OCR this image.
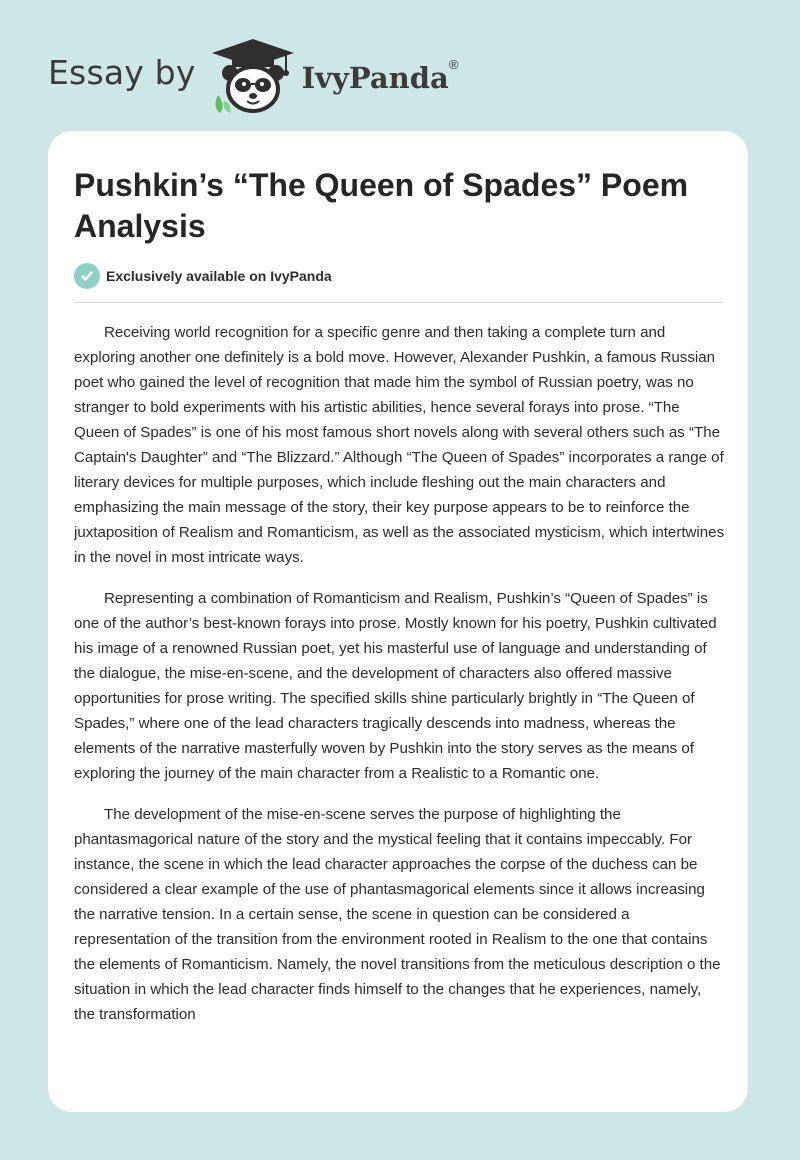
Essay by	IvyPanda®
Pushkin’s “The Queen of Spades” Poem Analysis
Exclusively available on IvyPanda

Receiving world recognition for a specific genre and then taking a complete turn and exploring another one definitely is a bold move. However, Alexander Pushkin, a famous Russian poet who gained the level of recognition that made him the symbol of Russian poetry, was no stranger to bold experiments with his artistic abilities, hence several forays into prose. “The Queen of Spades” is one of his most famous short novels along with several others such as “The Captain's Daughter” and “The Blizzard.” Although “The Queen of Spades” incorporates a range of literary devices for multiple purposes, which include fleshing out the main characters and emphasizing the main message of the story, their key purpose appears to be to reinforce the juxtaposition of Realism and Romanticism, as well as the associated mysticism, which intertwines in the novel in most intricate ways.

Representing a combination of Romanticism and Realism, Pushkin’s “Queen of Spades” is one of the author’s best-known forays into prose. Mostly known for his poetry, Pushkin cultivated his image of a renowned Russian poet, yet his masterful use of language and understanding of the dialogue, the mise-en-scene, and the development of characters also offered massive opportunities for prose writing. The specified skills shine particularly brightly in “The Queen of Spades,” where one of the lead characters tragically descends into madness, whereas the elements of the narrative masterfully woven by Pushkin into the story serves as the means of exploring the journey of the main character from a Realistic to a Romantic one.

The development of the mise-en-scene serves the purpose of highlighting the phantasmagorical nature of the story and the mystical feeling that it contains impeccably. For instance, the scene in which the lead character approaches the corpse of the duchess can be considered a clear example of the use of phantasmagorical elements since it allows increasing the narrative tension. In a certain sense, the scene in question can be considered a representation of the transition from the environment rooted in Realism to the one that contains the elements of Romanticism. Namely, the novel transitions from the meticulous description o the situation in which the lead character finds himself to the changes that he experiences, namely, the transformation
